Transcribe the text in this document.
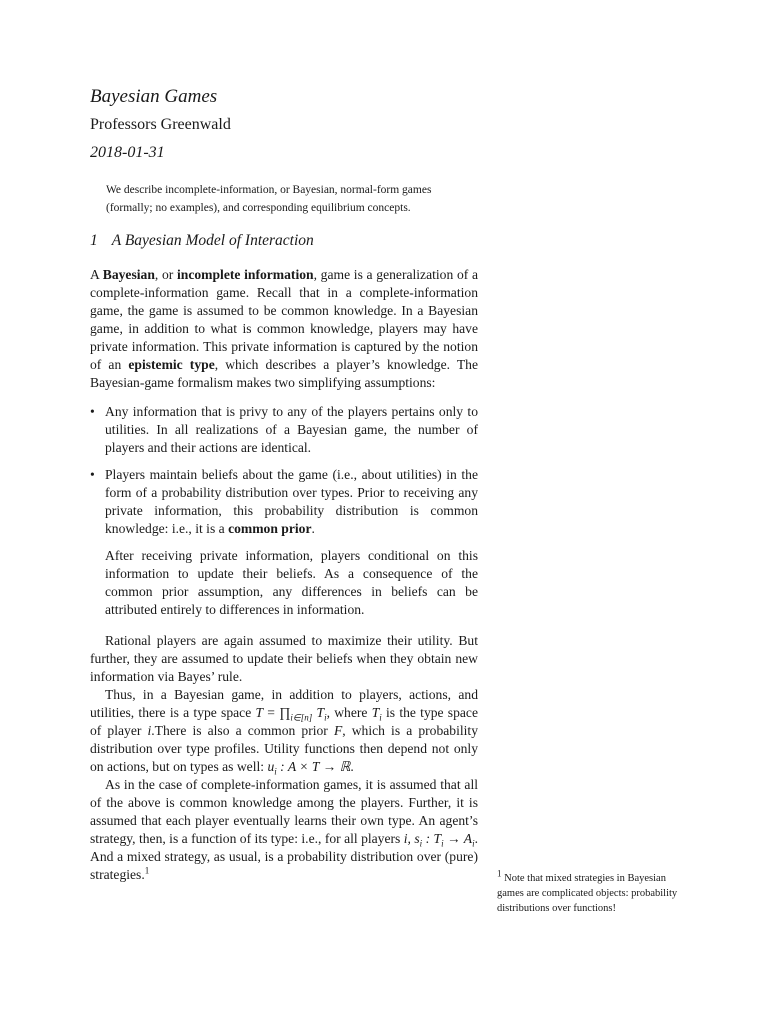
Bayesian Games
Professors Greenwald
2018-01-31
We describe incomplete-information, or Bayesian, normal-form games (formally; no examples), and corresponding equilibrium concepts.
1 A Bayesian Model of Interaction

A Bayesian, or incomplete information, game is a generalization of a complete-information game. Recall that in a complete-information game, the game is assumed to be common knowledge. In a Bayesian game, in addition to what is common knowledge, players may have private information. This private information is captured by the notion of an epistemic type, which describes a player’s knowledge. The Bayesian-game formalism makes two simplifying assumptions:

• Any information that is privy to any of the players pertains only to utilities. In all realizations of a Bayesian game, the number of players and their actions are identical.

• Players maintain beliefs about the game (i.e., about utilities) in the form of a probability distribution over types. Prior to receiving any private information, this probability distribution is common knowledge: i.e., it is a common prior.

After receiving private information, players conditional on this information to update their beliefs. As a consequence of the common prior assumption, any differences in beliefs can be attributed entirely to differences in information.

Rational players are again assumed to maximize their utility. But further, they are assumed to update their beliefs when they obtain new information via Bayes’ rule.

Thus, in a Bayesian game, in addition to players, actions, and utilities, there is a type space $T = \prod_{i\in[n]}$ $T_i$, where $T_i$ is the type space of player i.There is also a common prior F, which is a probability distribution over type profiles. Utility functions then depend not only on actions, but on types as well: $u_i$ : A × T → ℝ.

As in the case of complete-information games, it is assumed that all of the above is common knowledge among the players. Further, it is assumed that each player eventually learns their own type. An agent’s strategy, then, is a function of its type: i.e., for all players i, $s_i$ : $T_i \to A_i$. And a mixed strategy, as usual, is a probability distribution over (pure) strategies.$^1$	$^1$ Note that mixed strategies in Bayesian games are complicated objects: probability distributions over functions!
